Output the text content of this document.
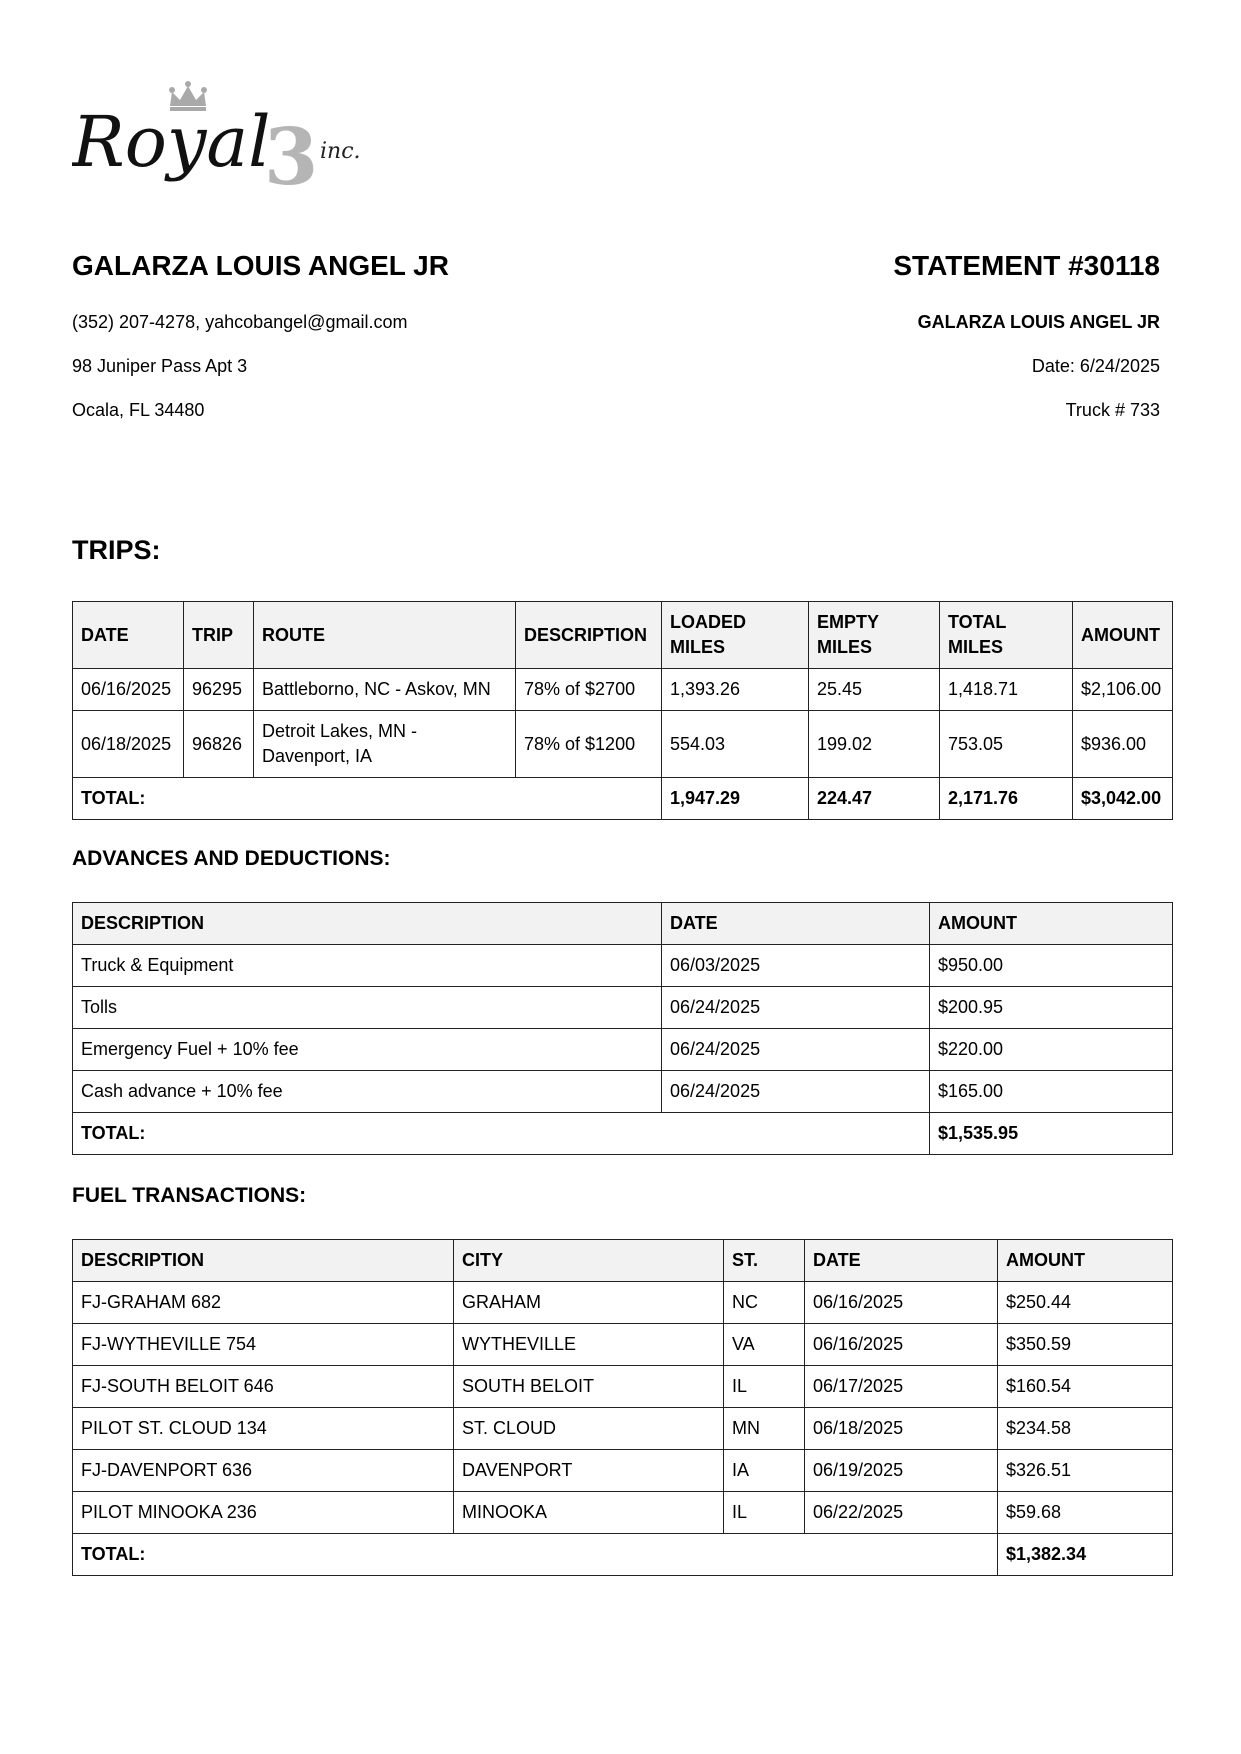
Royal
3 inc.
GALARZA LOUIS ANGEL JR
(352) 207-4278, yahcobangel@gmail.com
98 Juniper Pass Apt 3
Ocala, FL 34480
STATEMENT #30118
GALARZA LOUIS ANGEL JR
Date: 6/24/2025
Truck # 733
TRIPS:
DATE	TRIP	ROUTE	DESCRIPTION	LOADED MILES	EMPTY MILES	TOTAL MILES	AMOUNT
06/16/2025	96295	Battleborno, NC - Askov, MN	78% of $2700	1,393.26	25.45	1,418.71	$2,106.00
06/18/2025	96826	Detroit Lakes, MN - Davenport, IA	78% of $1200	554.03	199.02	753.05	$936.00
TOTAL:				1,947.29	224.47	2,171.76	$3,042.00
ADVANCES AND DEDUCTIONS:
DESCRIPTION	DATE	AMOUNT
Truck & Equipment	06/03/2025	$950.00
Tolls	06/24/2025	$200.95
Emergency Fuel + 10% fee	06/24/2025	$220.00
Cash advance + 10% fee	06/24/2025	$165.00
TOTAL:		$1,535.95
FUEL TRANSACTIONS:
DESCRIPTION	CITY	ST.	DATE	AMOUNT
FJ-GRAHAM 682	GRAHAM	NC	06/16/2025	$250.44
FJ-WYTHEVILLE 754	WYTHEVILLE	VA	06/16/2025	$350.59
FJ-SOUTH BELOIT 646	SOUTH BELOIT	IL	06/17/2025	$160.54
PILOT ST. CLOUD 134	ST. CLOUD	MN	06/18/2025	$234.58
FJ-DAVENPORT 636	DAVENPORT	IA	06/19/2025	$326.51
PILOT MINOOKA 236	MINOOKA	IL	06/22/2025	$59.68
TOTAL:				$1,382.34
